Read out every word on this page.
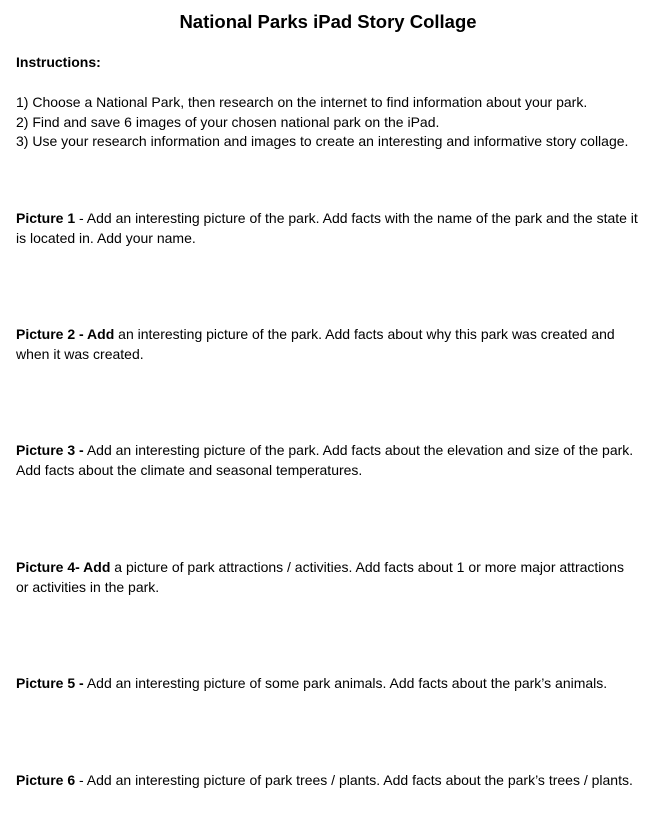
National Parks iPad Story Collage

Instructions:

1) Choose a National Park, then research on the internet to find information about your park.
2) Find and save 6 images of your chosen national park on the iPad.
3) Use your research information and images to create an interesting and informative story collage.

Picture 1 - Add an interesting picture of the park. Add facts with the name of the park and the state it is located in. Add your name.

Picture 2 - Add an interesting picture of the park. Add facts about why this park was created and when it was created.

Picture 3 - Add an interesting picture of the park. Add facts about the elevation and size of the park. Add facts about the climate and seasonal temperatures.

Picture 4- Add a picture of park attractions / activities. Add facts about 1 or more major attractions or activities in the park.

Picture 5 - Add an interesting picture of some park animals. Add facts about the park’s animals.

Picture 6 - Add an interesting picture of park trees / plants. Add facts about the park’s trees / plants.
